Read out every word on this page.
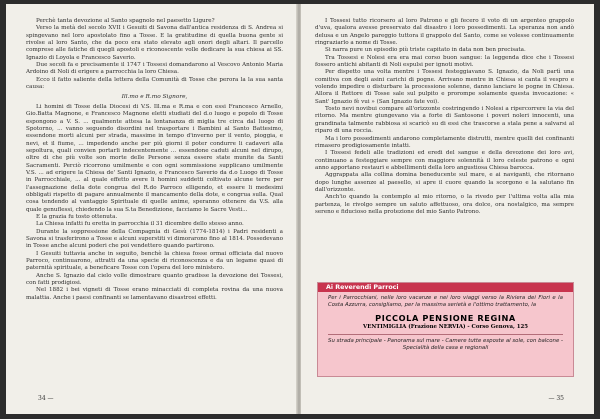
Perchè tanta devozione al Santo spagnolo nel paesetto Ligure?

Verso la metà del secolo XVII i Gesuiti di Savona dall'antica residenza di S. Andrea si spingevano nel loro apostolato fino a Tosse. E la gratitudine di quella buona gente si rivolse al loro Santo, che da poco era stato elevato agli onori degli altari. Il parcello comprese alle fatiche di quegli apostoli e riconoscente volle dedicare la sua chiesa ai SS. Ignazio di Loyola e Francesco Saverio.

Due secoli fa e precisamente il 1747 i Tossesi domandarono al Vescovo Antonio Maria Ardoino di Noli di erigere a parrocchia la loro Chiesa.

Ecco il fatto saliente della lettera della Comunità di Tosse che perora la la sua santa causa:

Ill.mo e R.mo Signore,

Li homini di Tosse della Diocesi di V.S. Ill.ma e R.ma e con essi Francesco Arnello, Gio.Batta Magnone, e Francesco Magnone eletti studiati del d.o luogo e popolo di Tosse espongono a V. S. ... qualmente attesa la lontananza di miglia tre circa dal luogo di Spotorno, ... vanno seguendo disordini nel trasportare i Bambini al Santo Battesimo, essendone morti alcuni per strada, massime in tempo d'inverno per il vento, pioggia, e nevi, et il fiume, ... impedendo anche per più giorni il poter condurre li cadaveri alla sepoltura, quali convien portarli indecentemente ... essendone caduti alcuni nel dirupo, oltre di che più volte son morte delle Persone senza essere state munite da Santi Sacramenti. Perciò ricorrono umilmente e con ogni sommissione supplicano umilmente V.S. ... ad erigere la Chiesa de' Santi Ignazio, e Francesco Saverio da d.o Luogo di Tosse in Parrocchiale, ... al quale effetto avere li homini suddetti coltivato alcune terre per l'assegnazione della dote congrua del R.do Parroco elligendo, et essere li medesimi obbligati rispetto di pagare annualmente il mancamento della dote, e congrua sulla. Qual cosa tendendo al vantaggio Spirituale di quelle anime, speranno ottenere da V.S. alla quale genuflessi, chiedendo la sua S.ta Benedizione, facciamo le Sacre Vesti...

E la grazia fu tosto ottenuta.

La Chiesa infatti fu eretta in parrocchia il 31 dicembre dello stesso anno.

Durante la soppressione della Compagnia di Gesù (1774-1814) i Padri residenti a Savona si trasferirono a Tosse e alcuni superstiti vi dimorarono fino al 1814. Possedevano in Tosse anche alcuni poderi che poi vendettero quando partirono.

I Gesuiti tuttavia anche in seguito, benchè la chiesa fosse ormai officiata dal nuovo Parroco, continuarono, attratti da una specie di riconoscenza e da un legame quasi di paternità spirituale, a beneficare Tosse con l'opera del loro ministero.

Anche S. Ignazio dal cielo volle dimostrare quanto gradisse la devozione dei Tossesi, con fatti prodigiosi.

Nel 1882 i bei vigneti di Tosse erano minacciati di completa rovina da una nuova malattia. Anche i paesi confinanti se lamentavano disastrosi effetti.

34 —

I Tossesi tutto ricorsero al loro Patrono e gli fecero il voto di un argenteo grappolo d'uva, qualora avesse preservato dal disastro i loro possedimenti. La speranza non andò delusa e un Angelo pareggio tuttora il grappolo del Santo, come se volesse continuamente ringraziarlo a nome di Tosse.

Si narra pure un episodio più triste capitato in data non ben precisata.

Tra Tossesi e Nolesi era era mai corso buon sangue: la leggenda dice che i Tossesi fossero antichi abitanti di Noli espulsi per ignoti motivi.

Per dispetto una volta mentre i Tossesi festeggiavano S. Ignazio, da Noli partì una comitiva con degli asini carichi di pogne. Arrivano mentre in Chiesa si canta il vespro e volendo impedire o disturbare la processione solenne, danno lanciare le pogne in Chiesa. Allora il Rettore di Tosse sale sul pulpito e prorompe solamente questa invocazione: « Sant' Ignazio fè vui » (San Ignazio fate voi).

Tosto nevi novibui compare all'orizzonte costringendo i Nolesi a ripercorrere la via del ritorno. Ma mentre giungevano via a forte di Santosone i poveri noleri innocenti, una grandinata talmente rabbiosa si scaricò su di essi che trascorse a stala pene a salvarsi al riparo di una roccia.

Ma i loro possedimenti andarono completamente distrutti, mentre quelli dei confinanti rimasero prodigiosamente intatti.

I Tossesi fedeli alle tradizioni ed eredi del sangue e della devozione dei loro avi, continuano a festeggiare sempre con maggiore solennità il loro celeste patrono e ogni anno apportano restauri e abbellimenti della loro angustiosa Chiesa barocca.

Aggrappata alla collina domina beneducente sul mare, e ai naviganti, che ritornano dopo lunghe assenze al paesello, si apre il cuore quando la scorgono e la salutano fin dall'orizzonte.

Anch'io quando la contemplo al mio ritorno, o la rivedo per l'ultima volta alla mia partenza, le rivolgo sempre un saluto affettuoso, ora dolce, ora nostalgico, ma sempre sereno e fiducioso nella protezione del mio Santo Patrono.

Ai Reverendi Parroci
Per i Parrocchiani, nelle loro vacanze e nei loro viaggi verso la Riviera dei Fiori e la Costa Azzurra, consigliamo, per la massima serietà e l'ottimo trattamento, la
PICCOLA PENSIONE REGINA
VENTIMIGLIA (Frazione NERVIA) - Corso Genova, 125
Su strada principale - Panorama sul mare - Camere tutte esposte al sole, con balcone - Specialità della casa e regionali
— 35
